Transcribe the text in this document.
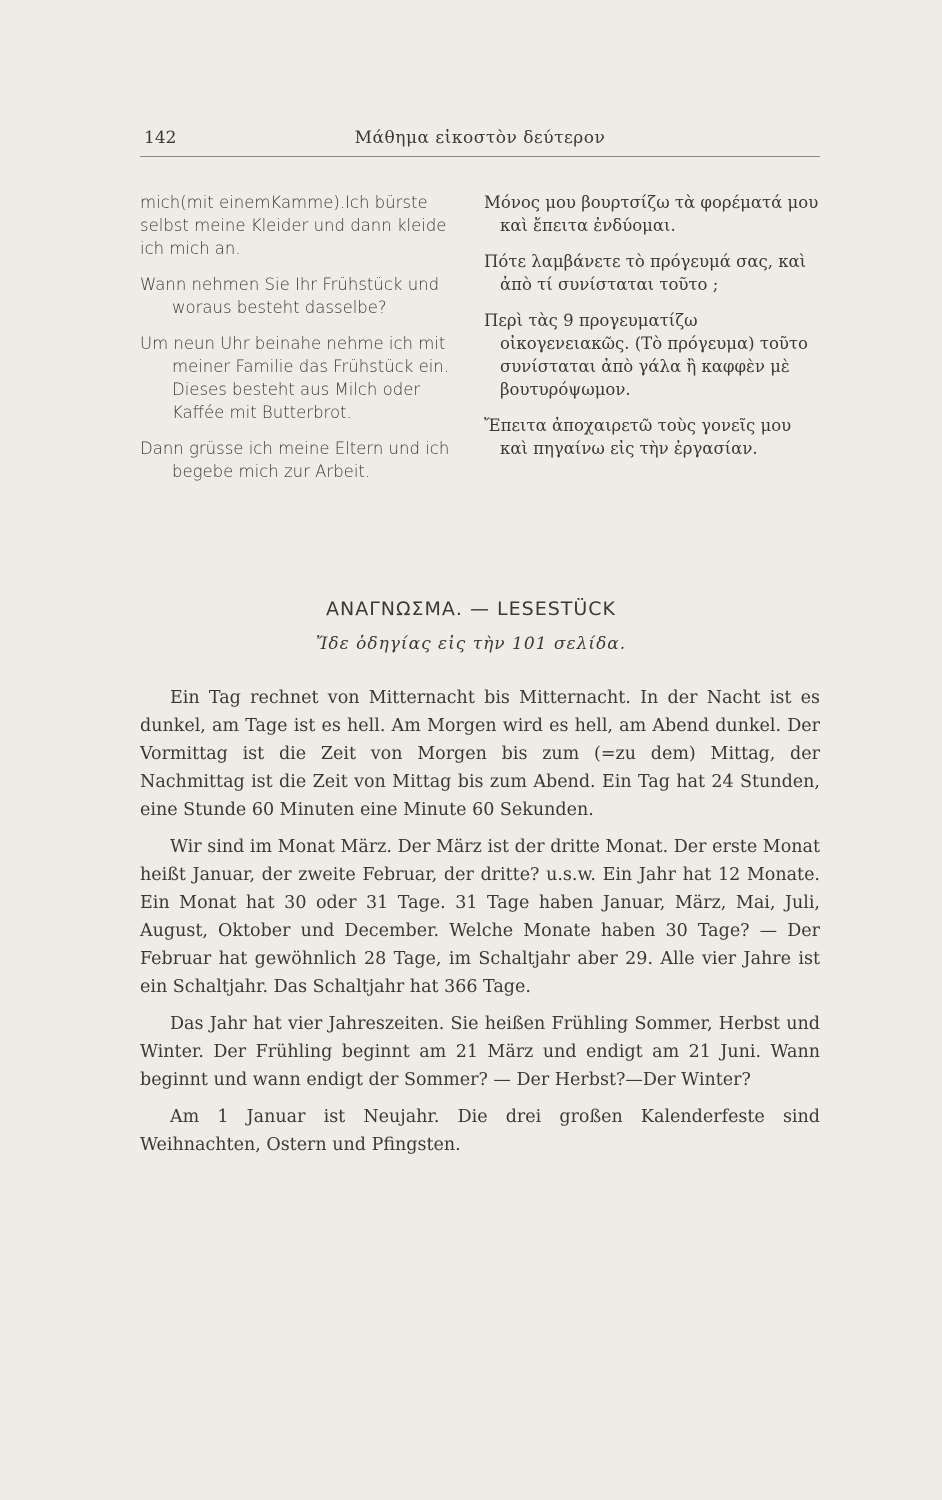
142	Μάθημα εἰκοστὸν δεύτερον

mich(mit einemKamme).Ich bürste selbst meine Kleider und dann kleide ich mich an.

Wann nehmen Sie Ihr Frühstück und woraus besteht dasselbe?

Um neun Uhr beinahe nehme ich mit meiner Familie das Frühstück ein. Dieses besteht aus Milch oder Kaffée mit Butterbrot.

Dann grüsse ich meine Eltern und ich begebe mich zur Arbeit.

Μόνος μου βουρτσίζω τὰ φορέματά μου καὶ ἔπειτα ἐνδύομαι.

Πότε λαμβάνετε τὸ πρόγευμά σας, καὶ ἀπὸ τί συνίσταται τοῦτο ;

Περὶ τὰς 9 προγευματίζω οἰκογενειακῶς. (Τὸ πρόγευμα) τοῦτο συνίσταται ἀπὸ γάλα ἢ καφφὲν μὲ βουτυρόψωμον.

Ἔπειτα ἀποχαιρετῶ τοὺς γονεῖς μου καὶ πηγαίνω εἰς τὴν ἐργασίαν.

ΑΝΑΓΝΩΣΜΑ. — LESESTÜCK
Ἴδε ὁδηγίας εἰς τὴν 101 σελίδα.

Ein Tag rechnet von Mitternacht bis Mitternacht. In der Nacht ist es dunkel, am Tage ist es hell. Am Morgen wird es hell, am Abend dunkel. Der Vormittag ist die Zeit von Morgen bis zum (=zu dem) Mittag, der Nachmittag ist die Zeit von Mittag bis zum Abend. Ein Tag hat 24 Stunden, eine Stunde 60 Minuten eine Minute 60 Sekunden.

Wir sind im Monat März. Der März ist der dritte Monat. Der erste Monat heißt Januar, der zweite Februar, der dritte? u.s.w. Ein Jahr hat 12 Monate. Ein Monat hat 30 oder 31 Tage. 31 Tage haben Januar, März, Mai, Juli, August, Oktober und December. Welche Monate haben 30 Tage? — Der Februar hat gewöhnlich 28 Tage, im Schaltjahr aber 29. Alle vier Jahre ist ein Schaltjahr. Das Schaltjahr hat 366 Tage.

Das Jahr hat vier Jahreszeiten. Sie heißen Frühling Sommer, Herbst und Winter. Der Frühling beginnt am 21 März und endigt am 21 Juni. Wann beginnt und wann endigt der Sommer? — Der Herbst?—Der Winter?

Am 1 Januar ist Neujahr. Die drei großen Kalenderfeste sind Weihnachten, Ostern und Pfingsten.
